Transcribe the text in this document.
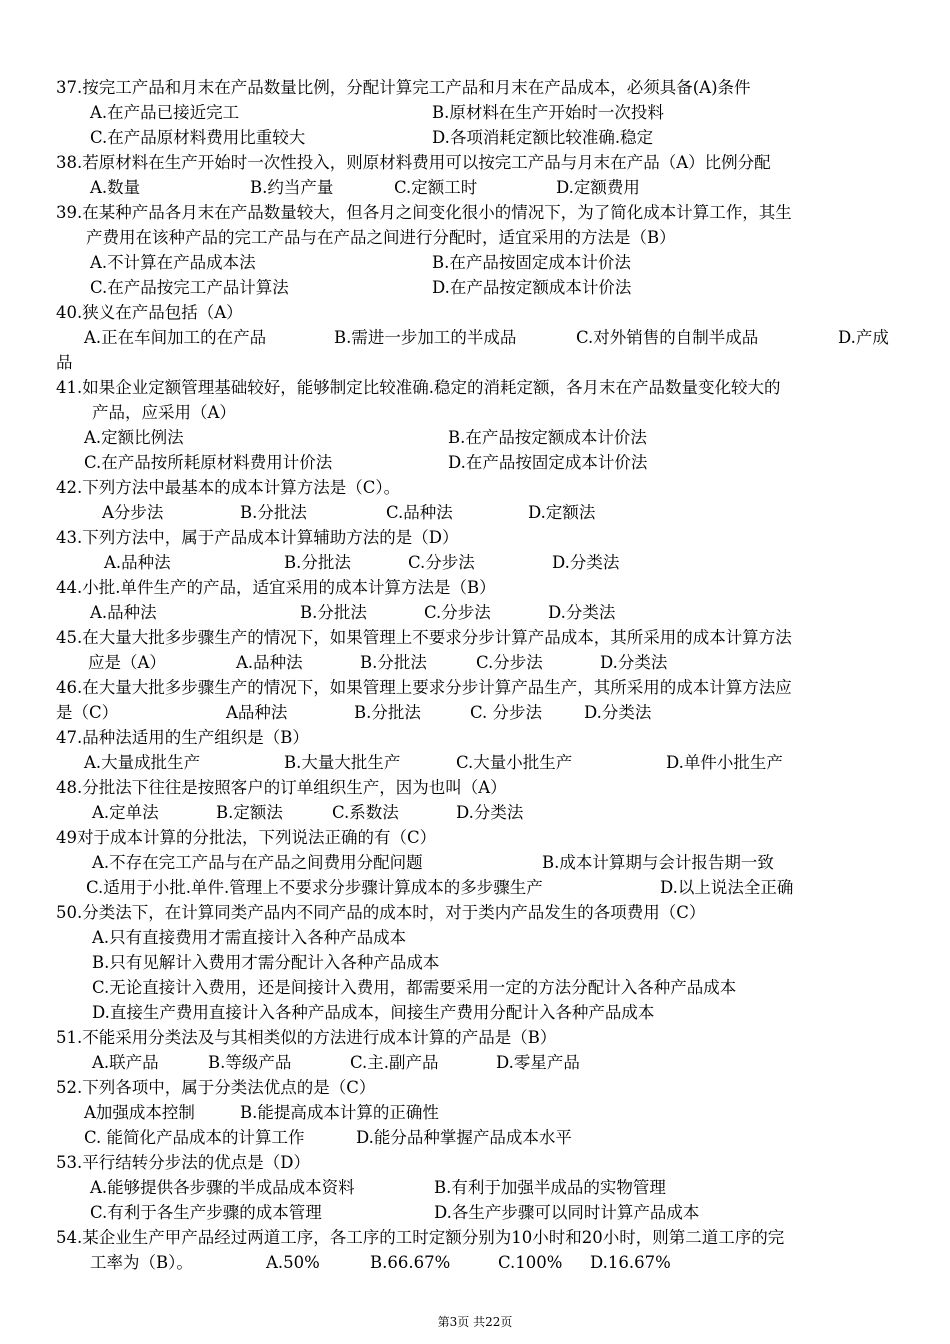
37.按完工产品和月末在产品数量比例，分配计算完工产品和月末在产品成本，必须具备(A)条件
A.在产品已接近完工	B.原材料在生产开始时一次投料
C.在产品原材料费用比重较大	D.各项消耗定额比较准确.稳定
38.若原材料在生产开始时一次性投入，则原材料费用可以按完工产品与月末在产品（A）比例分配
A.数量	B.约当产量	C.定额工时	D.定额费用
39.在某种产品各月末在产品数量较大，但各月之间变化很小的情况下，为了简化成本计算工作，其生
产费用在该种产品的完工产品与在产品之间进行分配时，适宜采用的方法是（B）
A.不计算在产品成本法	B.在产品按固定成本计价法
C.在产品按完工产品计算法	D.在产品按定额成本计价法
40.狭义在产品包括（A）
A.正在车间加工的在产品	B.需进一步加工的半成品	C.对外销售的自制半成品	D.产成
品
41.如果企业定额管理基础较好，能够制定比较准确.稳定的消耗定额，各月末在产品数量变化较大的
产品，应采用（A）
A.定额比例法	B.在产品按定额成本计价法
C.在产品按所耗原材料费用计价法	D.在产品按固定成本计价法
42.下列方法中最基本的成本计算方法是（C）。
A分步法	B.分批法	C.品种法	D.定额法
43.下列方法中，属于产品成本计算辅助方法的是（D）
A.品种法	B.分批法	C.分步法	D.分类法
44.小批.单件生产的产品，适宜采用的成本计算方法是（B）
A.品种法	B.分批法	C.分步法	D.分类法
45.在大量大批多步骤生产的情况下，如果管理上不要求分步计算产品成本，其所采用的成本计算方法
应是（A）	A.品种法	B.分批法	C.分步法	D.分类法
46.在大量大批多步骤生产的情况下，如果管理上要求分步计算产品生产，其所采用的成本计算方法应
是（C）	A品种法	B.分批法	C. 分步法	D.分类法
47.品种法适用的生产组织是（B）
A.大量成批生产	B.大量大批生产	C.大量小批生产	D.单件小批生产
48.分批法下往往是按照客户的订单组织生产，因为也叫（A）
A.定单法	B.定额法	C.系数法	D.分类法
49对于成本计算的分批法，下列说法正确的有（C）
A.不存在完工产品与在产品之间费用分配问题	B.成本计算期与会计报告期一致
C.适用于小批.单件.管理上不要求分步骤计算成本的多步骤生产	D.以上说法全正确
50.分类法下，在计算同类产品内不同产品的成本时，对于类内产品发生的各项费用（C）
A.只有直接费用才需直接计入各种产品成本
B.只有见解计入费用才需分配计入各种产品成本
C.无论直接计入费用，还是间接计入费用，都需要采用一定的方法分配计入各种产品成本
D.直接生产费用直接计入各种产品成本，间接生产费用分配计入各种产品成本
51.不能采用分类法及与其相类似的方法进行成本计算的产品是（B）
A.联产品	B.等级产品	C.主.副产品	D.零星产品
52.下列各项中，属于分类法优点的是（C）
A加强成本控制	B.能提高成本计算的正确性
C. 能简化产品成本的计算工作	D.能分品种掌握产品成本水平
53.平行结转分步法的优点是（D）
A.能够提供各步骤的半成品成本资料	B.有利于加强半成品的实物管理
C.有利于各生产步骤的成本管理	D.各生产步骤可以同时计算产品成本
54.某企业生产甲产品经过两道工序，各工序的工时定额分别为10小时和20小时，则第二道工序的完
工率为（B）。	A.50%	B.66.67%	C.100% D.16.67%
第3页 共22页
